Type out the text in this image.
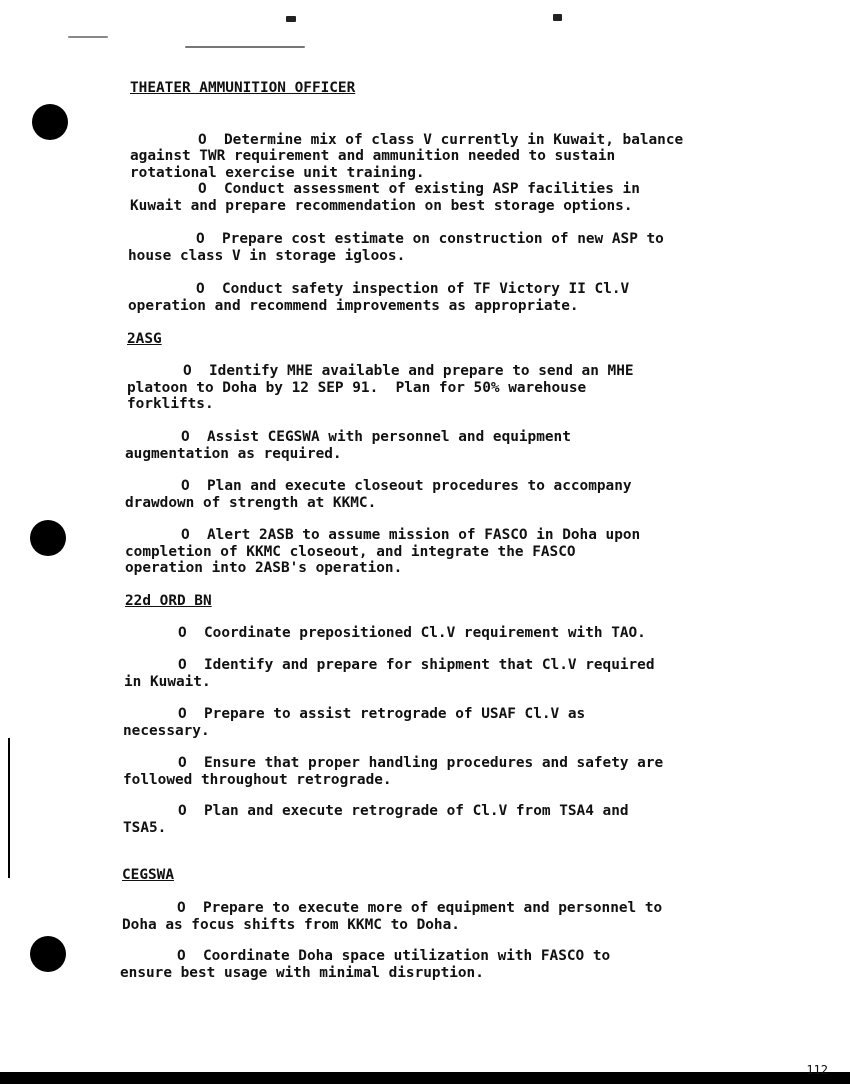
THEATER AMMUNITION OFFICER
O  Determine mix of class V currently in Kuwait, balance
against TWR requirement and ammunition needed to sustain
rotational exercise unit training.
O  Conduct assessment of existing ASP facilities in
Kuwait and prepare recommendation on best storage options.
O  Prepare cost estimate on construction of new ASP to
house class V in storage igloos.
O  Conduct safety inspection of TF Victory II Cl.V
operation and recommend improvements as appropriate.
2ASG
O  Identify MHE available and prepare to send an MHE
platoon to Doha by 12 SEP 91.  Plan for 50% warehouse
forklifts.
O  Assist CEGSWA with personnel and equipment
augmentation as required.
O  Plan and execute closeout procedures to accompany
drawdown of strength at KKMC.
O  Alert 2ASB to assume mission of FASCO in Doha upon
completion of KKMC closeout, and integrate the FASCO
operation into 2ASB's operation.
22d ORD BN
O  Coordinate prepositioned Cl.V requirement with TAO.
O  Identify and prepare for shipment that Cl.V required
in Kuwait.
O  Prepare to assist retrograde of USAF Cl.V as
necessary.
O  Ensure that proper handling procedures and safety are
followed throughout retrograde.
O  Plan and execute retrograde of Cl.V from TSA4 and
TSA5.
CEGSWA
O  Prepare to execute more of equipment and personnel to
Doha as focus shifts from KKMC to Doha.
O  Coordinate Doha space utilization with FASCO to
ensure best usage with minimal disruption.
112
